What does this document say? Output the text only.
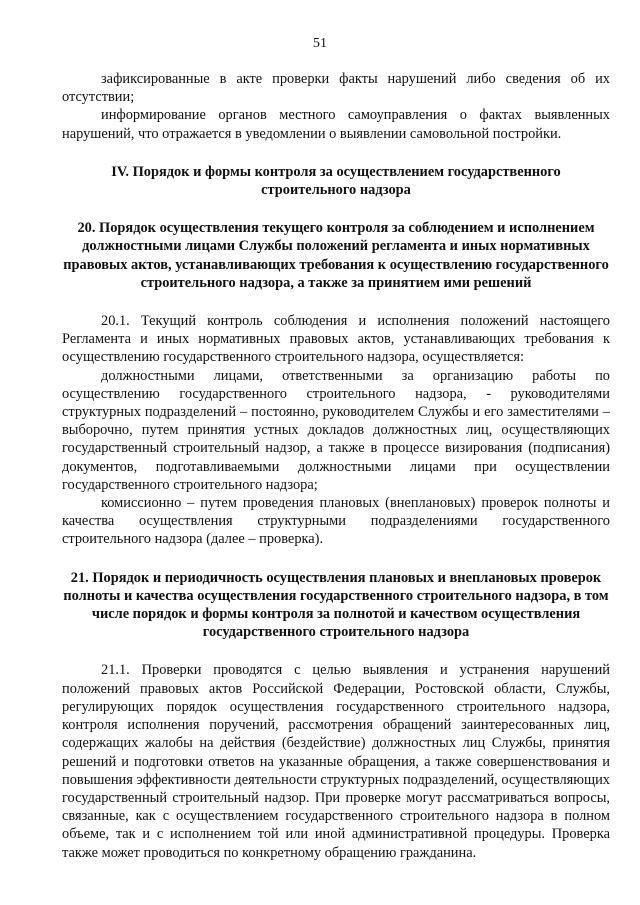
51

зафиксированные в акте проверки факты нарушений либо сведения об их отсутствии;

информирование органов местного самоуправления о фактах выявленных нарушений, что отражается в уведомлении о выявлении самовольной постройки.

IV. Порядок и формы контроля за осуществлением государственного строительного надзора
20. Порядок осуществления текущего контроля за соблюдением и исполнением должностными лицами Службы положений регламента и иных нормативных правовых актов, устанавливающих требования к осуществлению государственного строительного надзора, а также за принятием ими решений

20.1. Текущий контроль соблюдения и исполнения положений настоящего Регламента и иных нормативных правовых актов, устанавливающих требования к осуществлению государственного строительного надзора, осуществляется:

должностными лицами, ответственными за организацию работы по осуществлению государственного строительного надзора, - руководителями структурных подразделений – постоянно, руководителем Службы и его заместителями – выборочно, путем принятия устных докладов должностных лиц, осуществляющих государственный строительный надзор, а также в процессе визирования (подписания) документов, подготавливаемыми должностными лицами при осуществлении государственного строительного надзора;

комиссионно – путем проведения плановых (внеплановых) проверок полноты и качества осуществления структурными подразделениями государственного строительного надзора (далее – проверка).

21. Порядок и периодичность осуществления плановых и внеплановых проверок полноты и качества осуществления государственного строительного надзора, в том числе порядок и формы контроля за полнотой и качеством осуществления государственного строительного надзора

21.1. Проверки проводятся с целью выявления и устранения нарушений положений правовых актов Российской Федерации, Ростовской области, Службы, регулирующих порядок осуществления государственного строительного надзора, контроля исполнения поручений, рассмотрения обращений заинтересованных лиц, содержащих жалобы на действия (бездействие) должностных лиц Службы, принятия решений и подготовки ответов на указанные обращения, а также совершенствования и повышения эффективности деятельности структурных подразделений, осуществляющих государственный строительный надзор. При проверке могут рассматриваться вопросы, связанные, как с осуществлением государственного строительного надзора в полном объеме, так и с исполнением той или иной административной процедуры. Проверка также может проводиться по конкретному обращению гражданина.
